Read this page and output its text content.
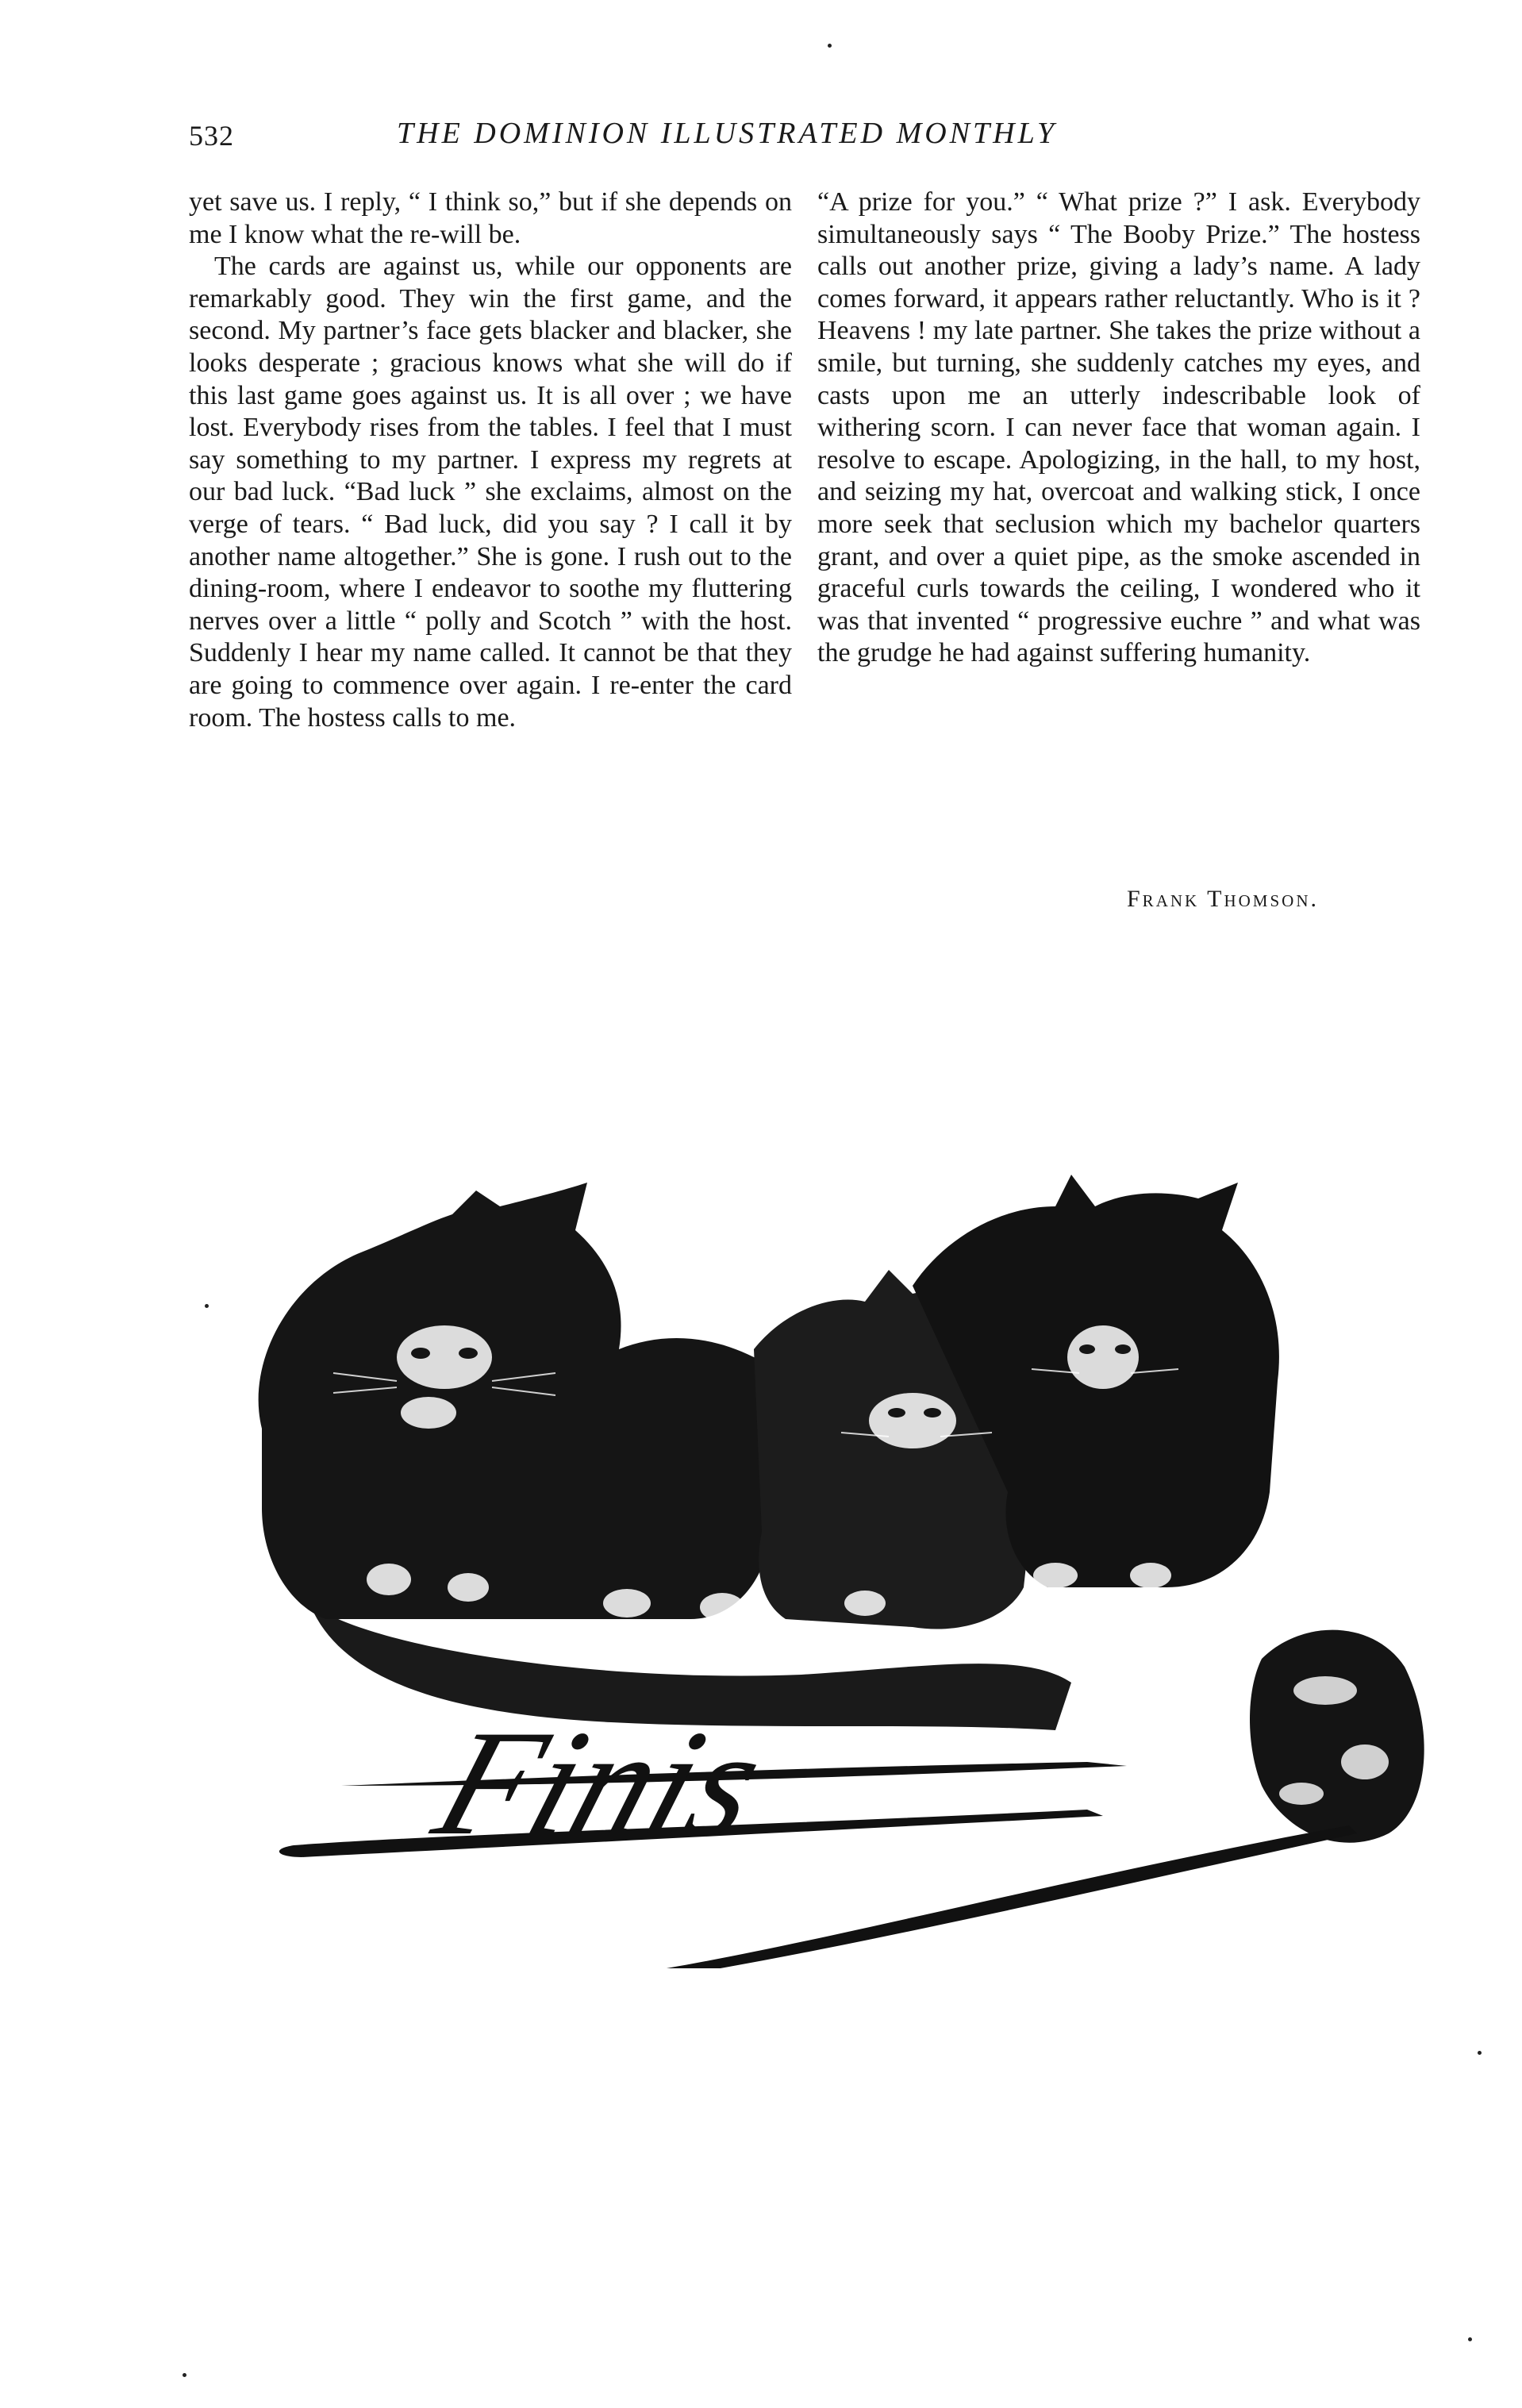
532	THE DOMINION ILLUSTRATED MONTHLY

yet save us. I reply, “ I think so,” but if she depends on me I know what the re-will be.

The cards are against us, while our opponents are remarkably good. They win the first game, and the second. My partner’s face gets blacker and blacker, she looks desperate ; gracious knows what she will do if this last game goes against us. It is all over ; we have lost. Everybody rises from the tables. I feel that I must say something to my partner. I express my regrets at our bad luck. “Bad luck ” she exclaims, almost on the verge of tears. “ Bad luck, did you say ? I call it by another name altogether.” She is gone. I rush out to the dining-room, where I endeavor to soothe my fluttering nerves over a little “ polly and Scotch ” with the host. Suddenly I hear my name called. It cannot be that they are going to commence over again. I re-enter the card room. The hostess calls to me.

“A prize for you.” “ What prize ?” I ask. Everybody simultaneously says “ The Booby Prize.” The hostess calls out another prize, giving a lady’s name. A lady comes forward, it appears rather reluctantly. Who is it ? Heavens ! my late partner. She takes the prize without a smile, but turning, she suddenly catches my eyes, and casts upon me an utterly indescribable look of withering scorn. I can never face that woman again. I resolve to escape. Apologizing, in the hall, to my host, and seizing my hat, overcoat and walking stick, I once more seek that seclusion which my bachelor quarters grant, and over a quiet pipe, as the smoke ascended in graceful curls towards the ceiling, I wondered who it was that invented “ progressive euchre ” and what was the grudge he had against suffering humanity.

Frank Thomson.
Finis
